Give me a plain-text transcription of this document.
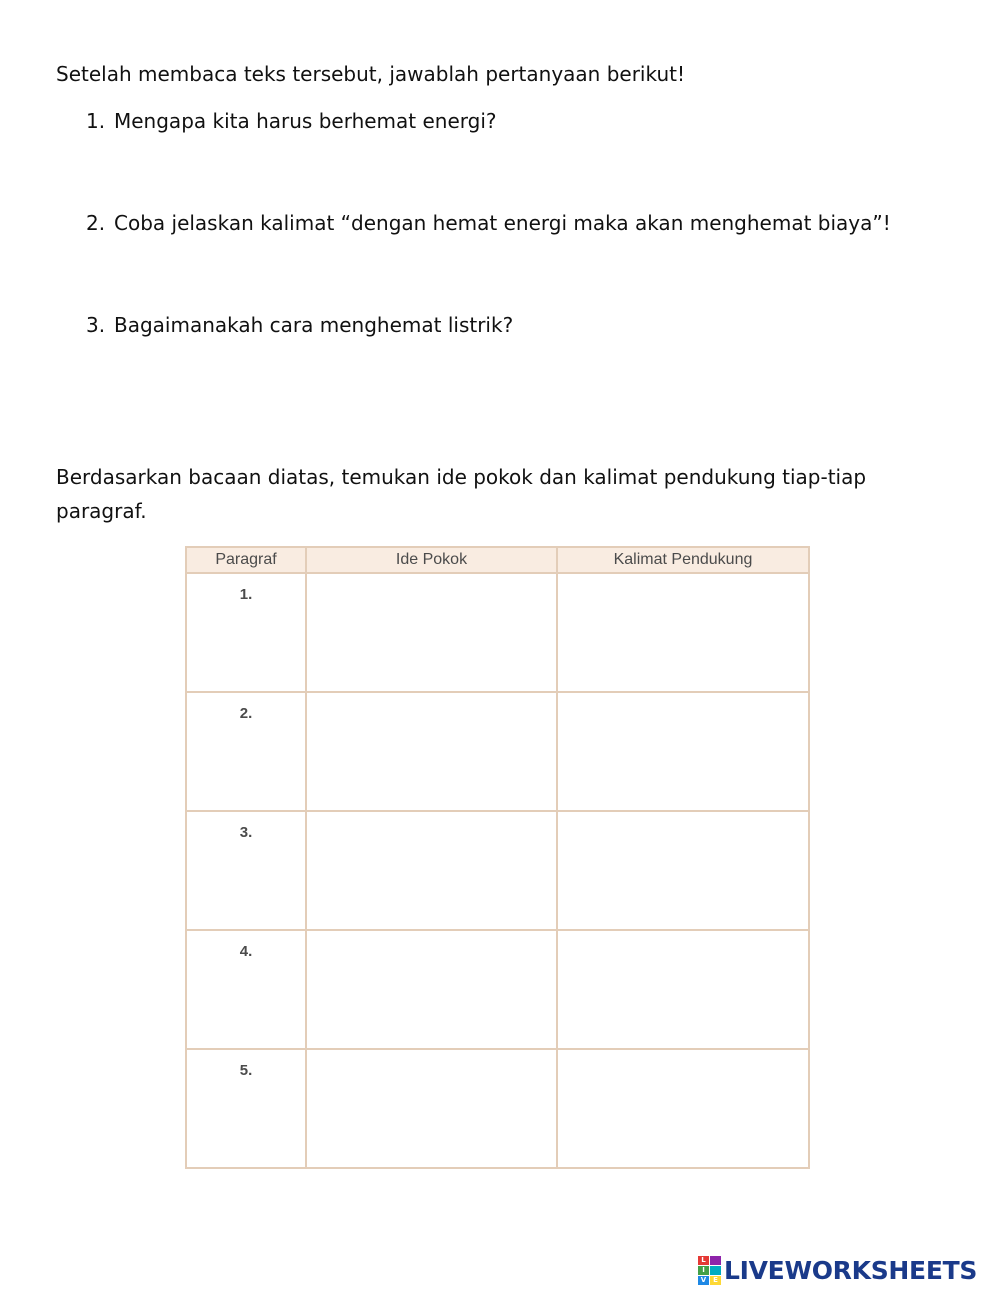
Setelah membaca teks tersebut, jawablah pertanyaan berikut!

1. Mengapa kita harus berhemat energi?
2. Coba jelaskan kalimat “dengan hemat energi maka akan menghemat biaya”!
3. Bagaimanakah cara menghemat listrik?

Berdasarkan bacaan diatas, temukan ide pokok dan kalimat pendukung tiap-tiap paragraf.

Paragraf	Ide Pokok	Kalimat Pendukung
1.		
2.		
3.		
4.		
5.		
L
I
V E LIVEWORKSHEETS
